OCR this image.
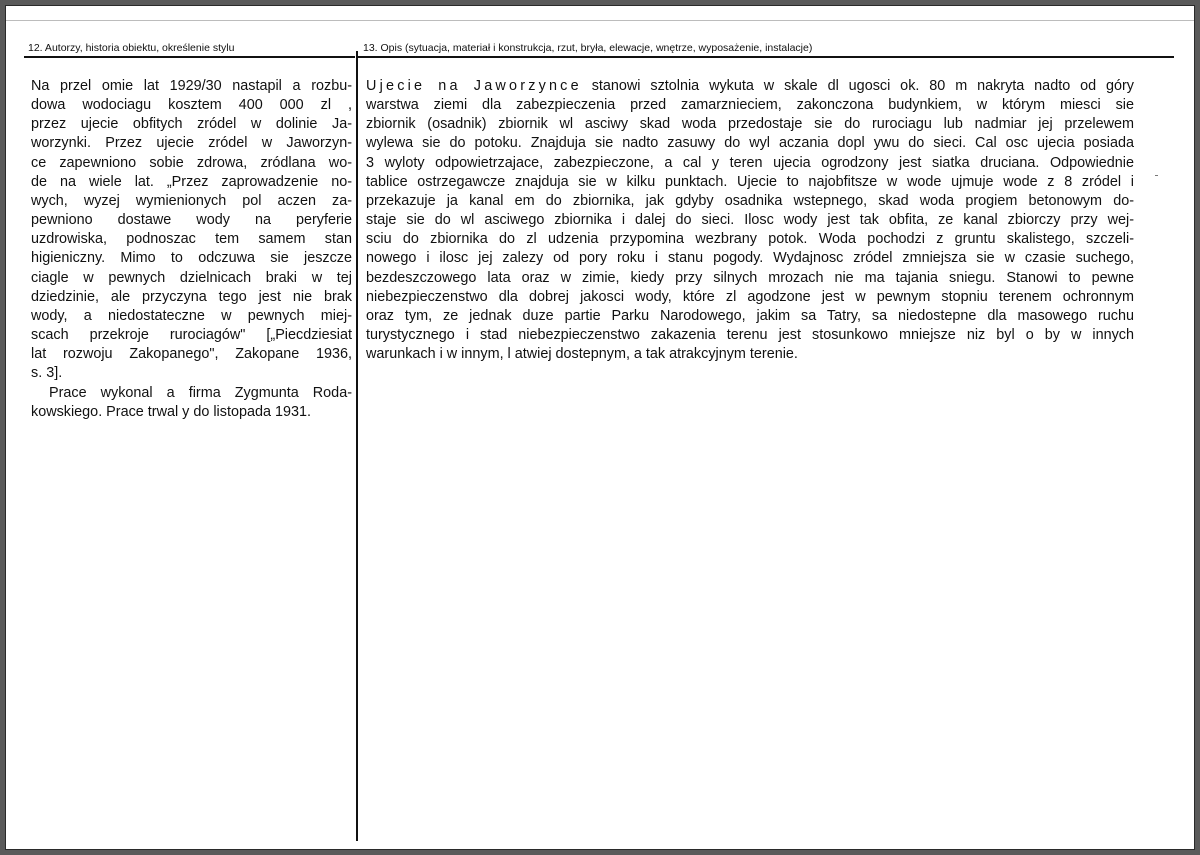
12. Autorzy, historia obiektu, określenie stylu	13. Opis (sytuacja, materiał i konstrukcja, rzut, bryła, elewacje, wnętrze, wyposażenie, instalacje)
Na przel omie lat 1929/30 nastapil a rozbu-
dowa wodociagu kosztem 400 000 zl ,
przez ujecie obfitych zródel w dolinie Ja-
worzynki. Przez ujecie zródel w Jaworzyn-
ce zapewniono sobie zdrowa, zródlana wo-
de na wiele lat. „Przez zaprowadzenie no-
wych, wyzej wymienionych pol aczen za-
pewniono dostawe wody na peryferie
uzdrowiska, podnoszac tem samem stan
higieniczny. Mimo to odczuwa sie jeszcze
ciagle w pewnych dzielnicach braki w tej
dziedzinie, ale przyczyna tego jest nie brak
wody, a niedostateczne w pewnych miej-
scach przekroje rurociagów" [„Piecdziesiat
lat rozwoju Zakopanego", Zakopane 1936,
s. 3].
Prace wykonal a firma Zygmunta Roda-
kowskiego. Prace trwal y do listopada 1931.
Ujecie na Jaworzynce stanowi sztolnia wykuta w skale dl ugosci ok. 80 m nakryta nadto od góry
warstwa ziemi dla zabezpieczenia przed zamarznieciem, zakonczona budynkiem, w którym miesci sie
zbiornik (osadnik) zbiornik wl asciwy skad woda przedostaje sie do rurociagu lub nadmiar jej przelewem
wylewa sie do potoku. Znajduja sie nadto zasuwy do wyl aczania dopl ywu do sieci. Cal osc ujecia posiada
3 wyloty odpowietrzajace, zabezpieczone, a cal y teren ujecia ogrodzony jest siatka druciana. Odpowiednie
tablice ostrzegawcze znajduja sie w kilku punktach. Ujecie to najobfitsze w wode ujmuje wode z 8 zródel i
przekazuje ja kanal em do zbiornika, jak gdyby osadnika wstepnego, skad woda progiem betonowym do-
staje sie do wl asciwego zbiornika i dalej do sieci. Ilosc wody jest tak obfita, ze kanal zbiorczy przy wej-
sciu do zbiornika do zl udzenia przypomina wezbrany potok. Woda pochodzi z gruntu skalistego, szczeli-
nowego i ilosc jej zalezy od pory roku i stanu pogody. Wydajnosc zródel zmniejsza sie w czasie suchego,
bezdeszczowego lata oraz w zimie, kiedy przy silnych mrozach nie ma tajania sniegu. Stanowi to pewne
niebezpieczenstwo dla dobrej jakosci wody, które zl agodzone jest w pewnym stopniu terenem ochronnym
oraz tym, ze jednak duze partie Parku Narodowego, jakim sa Tatry, sa niedostepne dla masowego ruchu
turystycznego i stad niebezpieczenstwo zakazenia terenu jest stosunkowo mniejsze niz byl o by w innych
warunkach i w innym, l atwiej dostepnym, a tak atrakcyjnym terenie.
